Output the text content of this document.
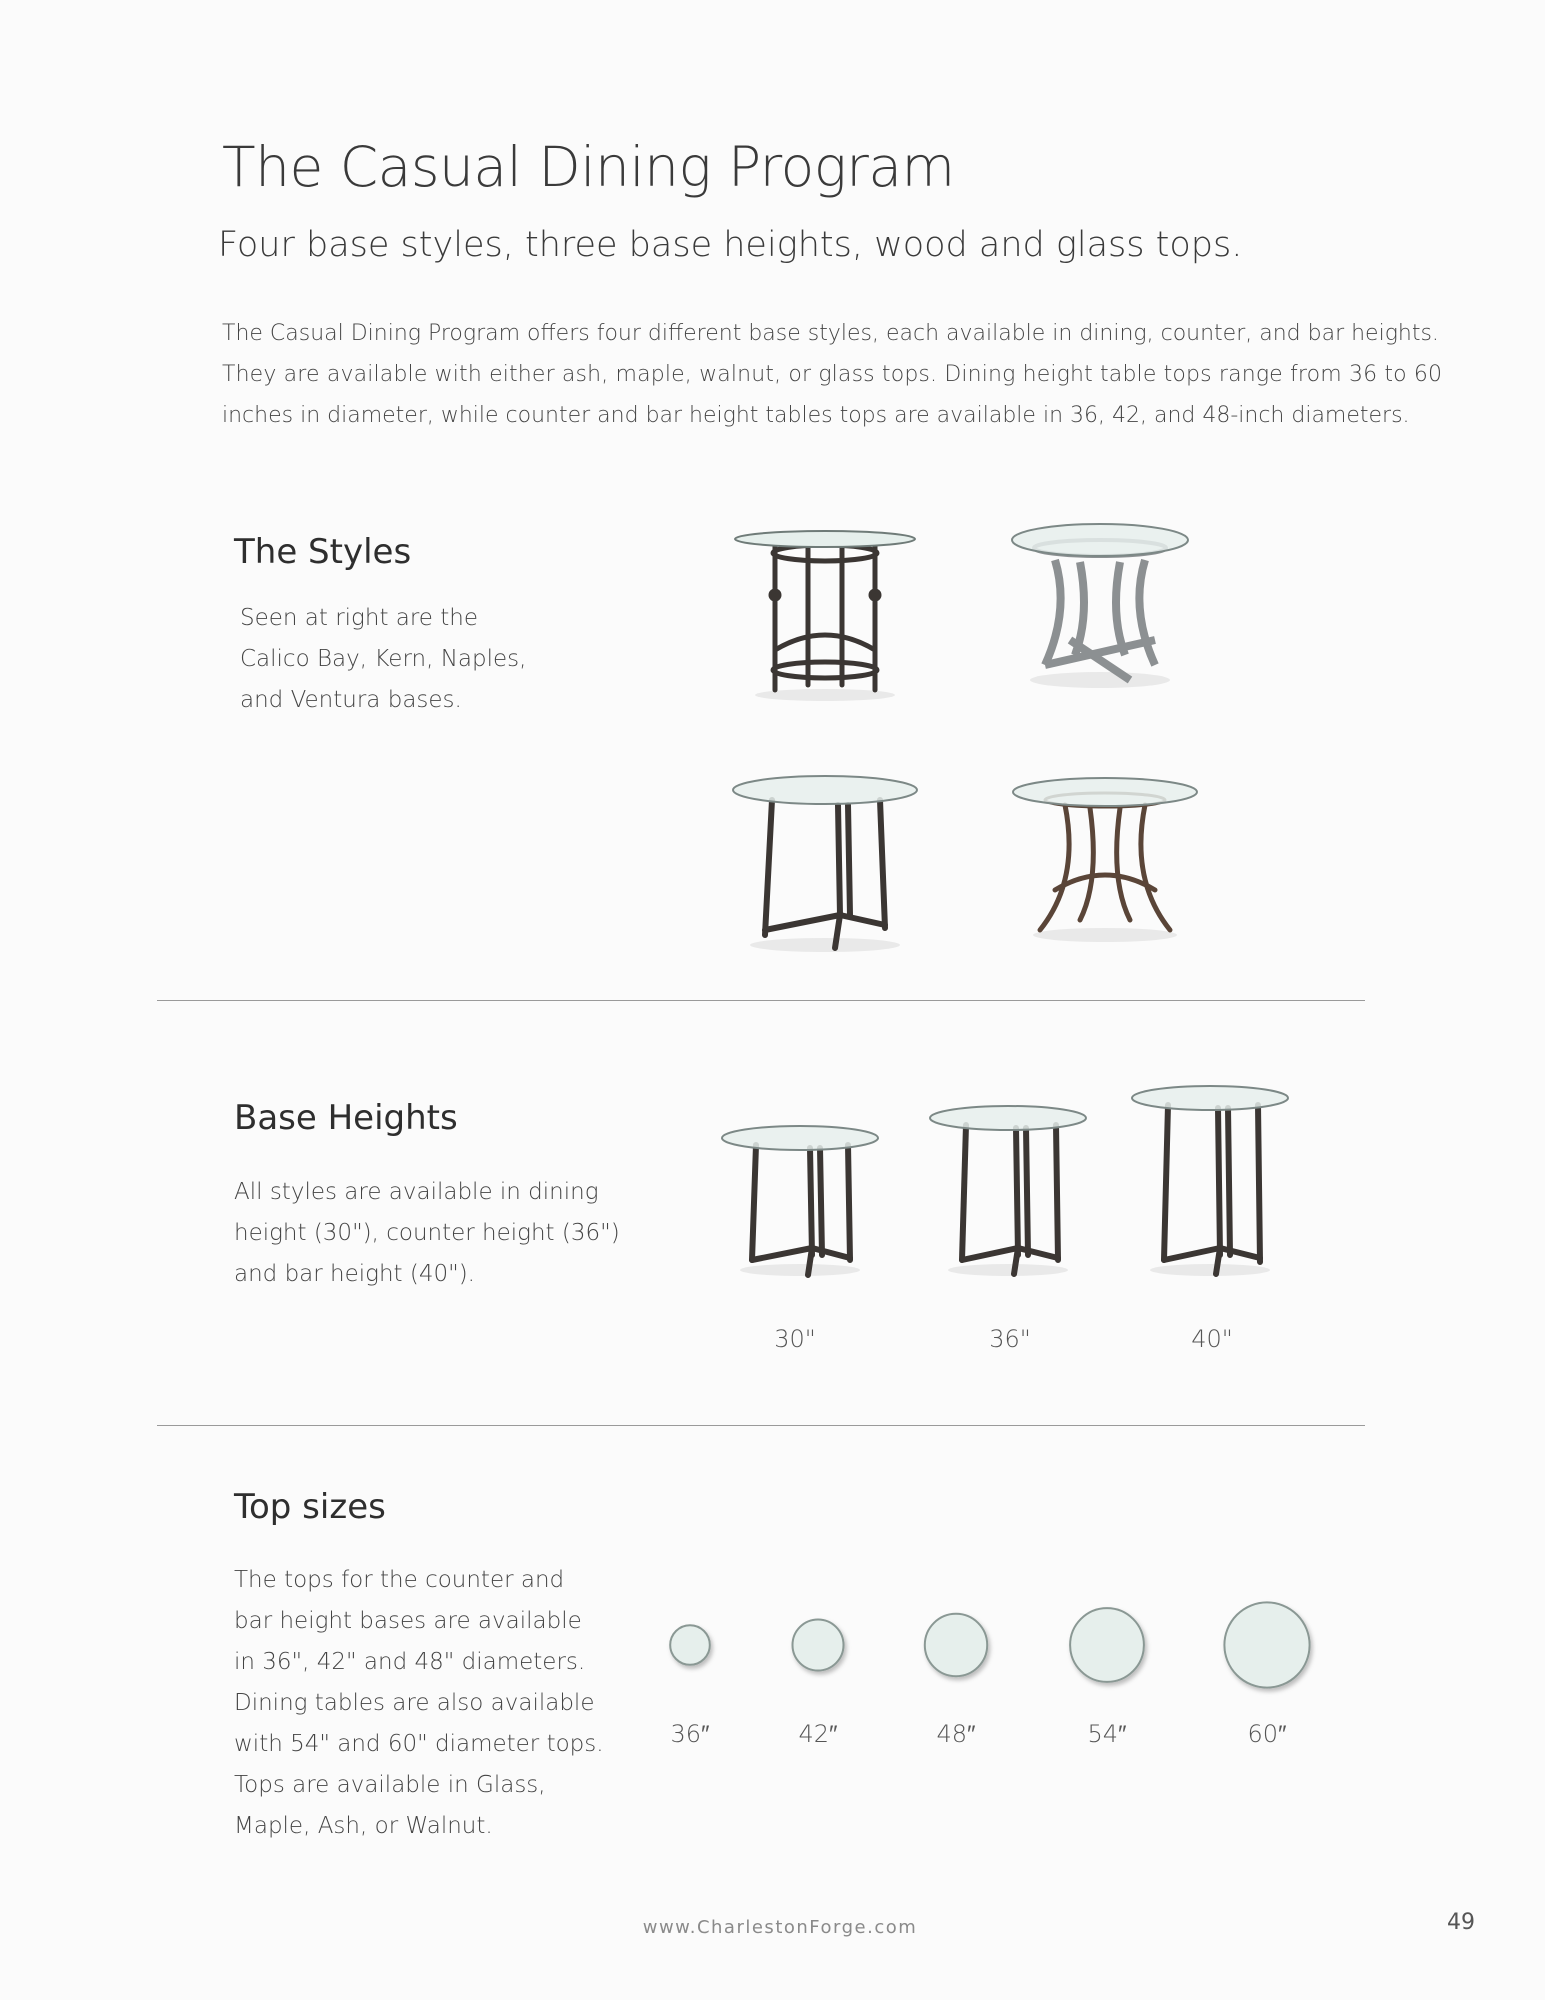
The Casual Dining Program
Four base styles, three base heights, wood and glass tops.

The Casual Dining Program offers four different base styles, each available in dining, counter, and bar heights.

They are available with either ash, maple, walnut, or glass tops. Dining height table tops range from 36 to 60

inches in diameter, while counter and bar height tables tops are available in 36, 42, and 48-inch diameters.

The Styles

Seen at right are the

Calico Bay, Kern, Naples,

and Ventura bases.

Base Heights

All styles are available in dining

height (30"), counter height (36")

and bar height (40").

30"	36"	40"
Top sizes

The tops for the counter and

bar height bases are available

in 36", 42" and 48" diameters.

Dining tables are also available

with 54" and 60" diameter tops.

Tops are available in Glass,

Maple, Ash, or Walnut.

36″	42″	48″	54″	60″
www.CharlestonForge.com	49
